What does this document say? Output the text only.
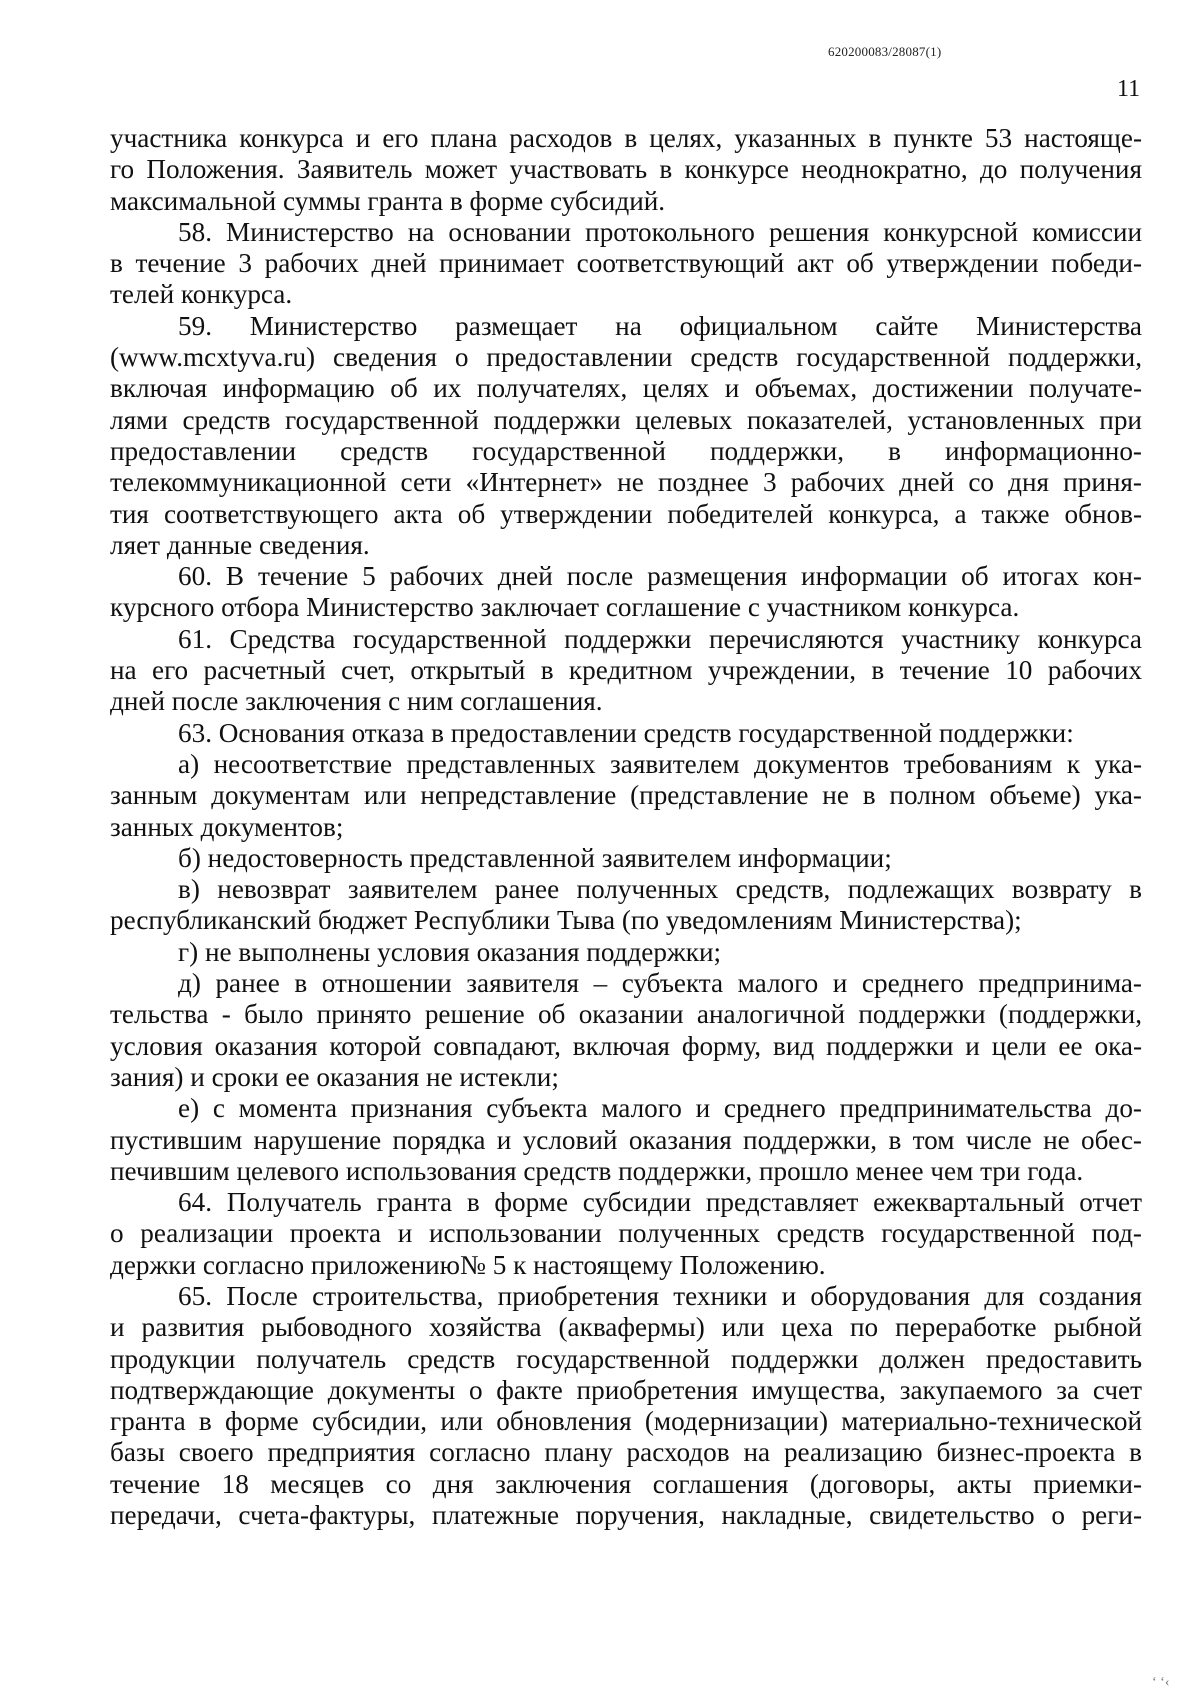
620200083/28087(1)
11
участника конкурса и его плана расходов в целях, указанных в пункте 53 настояще-
го Положения. Заявитель может участвовать в конкурсе неоднократно, до получения
максимальной суммы гранта в форме субсидий.
58. Министерство на основании протокольного решения конкурсной комиссии
в течение 3 рабочих дней принимает соответствующий акт об утверждении победи-
телей конкурса.
59. Министерство размещает на официальном сайте Министерства
(www.mcxtyva.ru) сведения о предоставлении средств государственной поддержки,
включая информацию об их получателях, целях и объемах, достижении получате-
лями средств государственной поддержки целевых показателей, установленных при
предоставлении средств государственной поддержки, в информационно-
телекоммуникационной сети «Интернет» не позднее 3 рабочих дней со дня приня-
тия соответствующего акта об утверждении победителей конкурса, а также обнов-
ляет данные сведения.
60. В течение 5 рабочих дней после размещения информации об итогах кон-
курсного отбора Министерство заключает соглашение с участником конкурса.
61. Средства государственной поддержки перечисляются участнику конкурса
на его расчетный счет, открытый в кредитном учреждении, в течение 10 рабочих
дней после заключения с ним соглашения.
63. Основания отказа в предоставлении средств государственной поддержки:
а) несоответствие представленных заявителем документов требованиям к ука-
занным документам или непредставление (представление не в полном объеме) ука-
занных документов;
б) недостоверность представленной заявителем информации;
в) невозврат заявителем ранее полученных средств, подлежащих возврату в
республиканский бюджет Республики Тыва (по уведомлениям Министерства);
г) не выполнены условия оказания поддержки;
д) ранее в отношении заявителя – субъекта малого и среднего предпринима-
тельства - было принято решение об оказании аналогичной поддержки (поддержки,
условия оказания которой совпадают, включая форму, вид поддержки и цели ее ока-
зания) и сроки ее оказания не истекли;
е) с момента признания субъекта малого и среднего предпринимательства до-
пустившим нарушение порядка и условий оказания поддержки, в том числе не обес-
печившим целевого использования средств поддержки, прошло менее чем три года.
64. Получатель гранта в форме субсидии представляет ежеквартальный отчет
о реализации проекта и использовании полученных средств государственной под-
держки согласно приложению№ 5 к настоящему Положению.
65. После строительства, приобретения техники и оборудования для создания
и развития рыбоводного хозяйства (аквафермы) или цеха по переработке рыбной
продукции получатель средств государственной поддержки должен предоставить
подтверждающие документы о факте приобретения имущества, закупаемого за счет
гранта в форме субсидии, или обновления (модернизации) материально-технической
базы своего предприятия согласно плану расходов на реализацию бизнес-проекта в
течение 18 месяцев со дня заключения соглашения (договоры, акты приемки-
передачи, счета-фактуры, платежные поручения, накладные, свидетельство о реги-
‘ ‘‹
